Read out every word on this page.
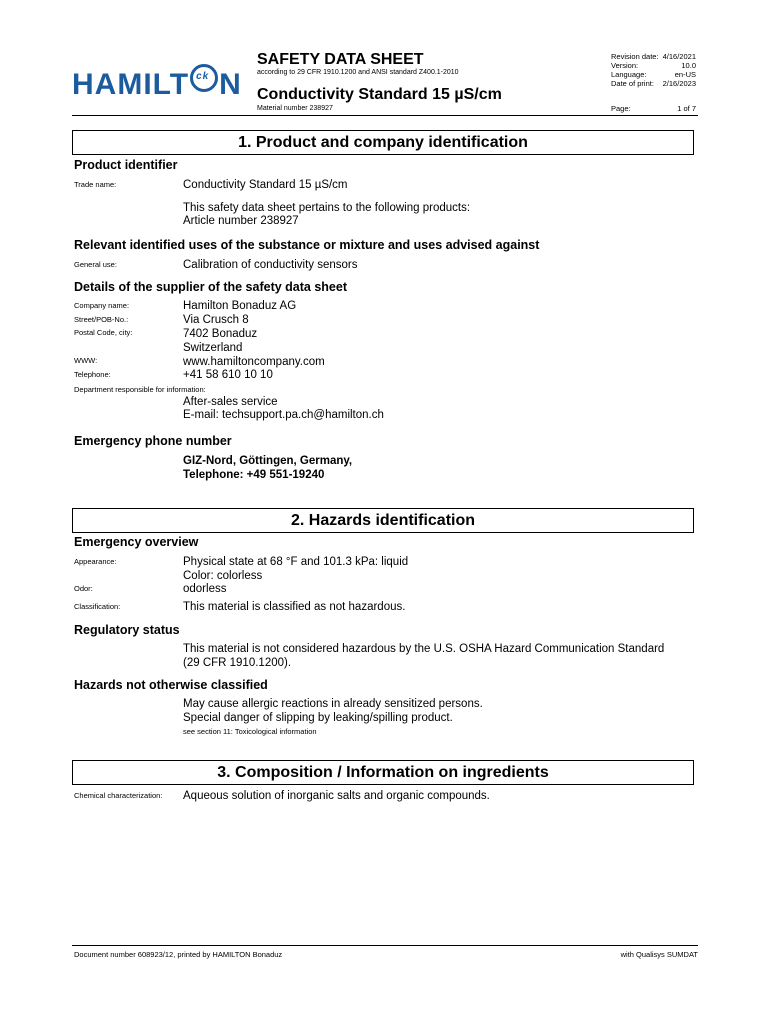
HAMILT ck N
SAFETY DATA SHEET
according to 29 CFR 1910.1200 and ANSI standard Z400.1-2010
Conductivity Standard 15 µS/cm
Material number 238927
Revision date: 4/16/2021
Version:	10.0
Language:	en-US
Date of print:	2/16/2023
Page:	1 of 7
1. Product and company identification
Product identifier
Trade name:	Conductivity Standard 15 µS/cm
This safety data sheet pertains to the following products:
Article number 238927
Relevant identified uses of the substance or mixture and uses advised against
General use:	Calibration of conductivity sensors
Details of the supplier of the safety data sheet
Company name:	Hamilton Bonaduz AG
Street/POB-No.:	Via Crusch 8
Postal Code, city:	7402 Bonaduz
Switzerland
WWW:	www.hamiltoncompany.com
Telephone:	+41 58 610 10 10
Department responsible for information:
After-sales service
E-mail: techsupport.pa.ch@hamilton.ch
Emergency phone number
GIZ-Nord, Göttingen, Germany,
Telephone: +49 551-19240
2. Hazards identification
Emergency overview
Appearance:	Physical state at 68 °F and 101.3 kPa: liquid
Color: colorless
Odor:	odorless
Classification:	This material is classified as not hazardous.
Regulatory status
This material is not considered hazardous by the U.S. OSHA Hazard Communication Standard
(29 CFR 1910.1200).
Hazards not otherwise classified
May cause allergic reactions in already sensitized persons.
Special danger of slipping by leaking/spilling product.
see section 11: Toxicological information
3. Composition / Information on ingredients
Chemical characterization: Aqueous solution of inorganic salts and organic compounds.
Document number 608923/12, printed by HAMILTON Bonaduz	with Qualisys SUMDAT
